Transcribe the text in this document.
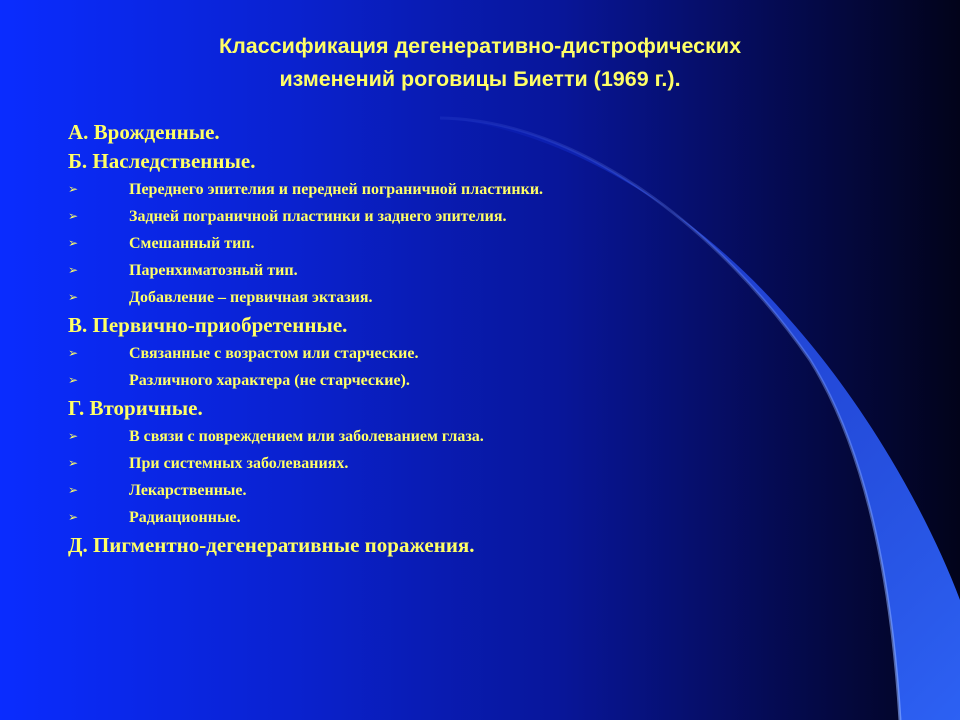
Классификация дегенеративно-дистрофических
изменений роговицы Биетти (1969 г.).
А. Врожденные.
Б. Наследственные.
➢	Переднего эпителия и передней пограничной пластинки.
➢	Задней пограничной пластинки и заднего эпителия.
➢	Смешанный тип.
➢	Паренхиматозный тип.
➢	Добавление – первичная эктазия.
В. Первично-приобретенные.
➢	Связанные с возрастом или старческие.
➢	Различного характера (не старческие).
Г. Вторичные.
➢	В связи с повреждением или заболеванием глаза.
➢	При системных заболеваниях.
➢	Лекарственные.
➢	Радиационные.
Д. Пигментно-дегенеративные поражения.
